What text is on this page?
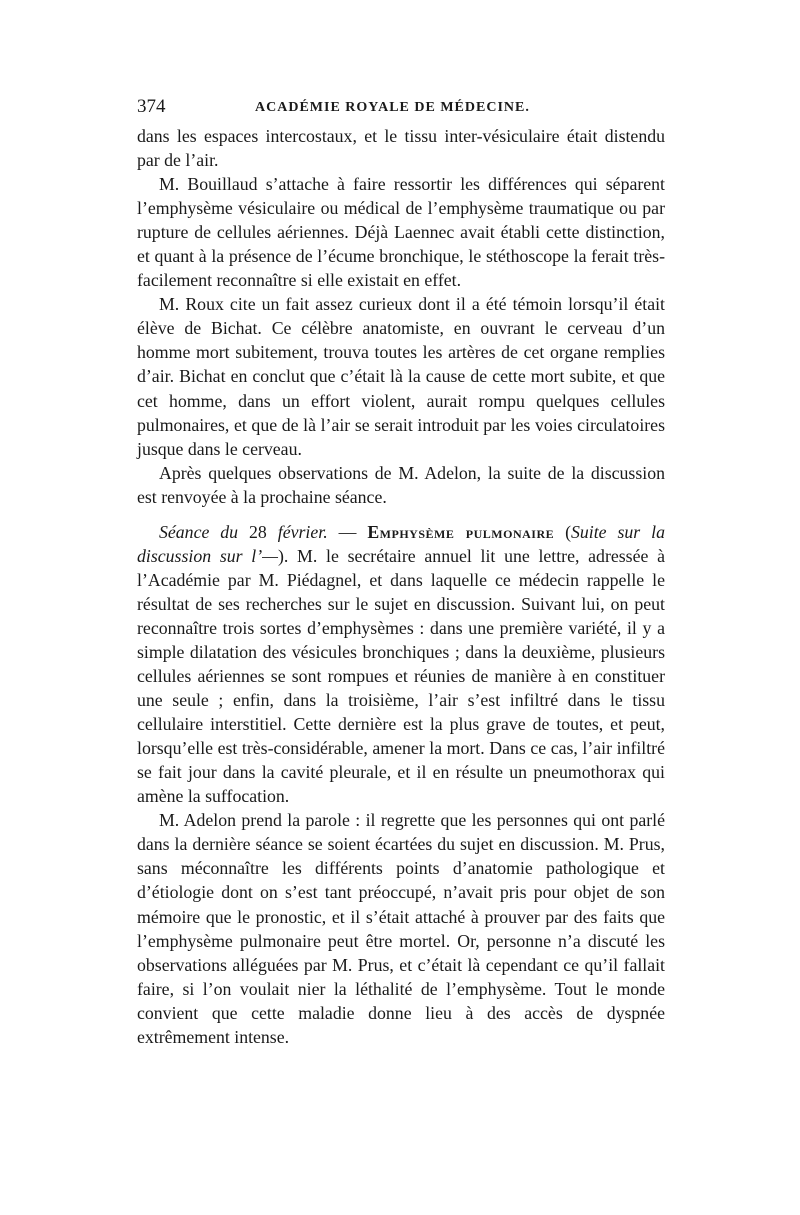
374	ACADÉMIE ROYALE DE MÉDECINE.

dans les espaces intercostaux, et le tissu inter-vésiculaire était distendu par de l’air.

M. Bouillaud s’attache à faire ressortir les différences qui séparent l’emphysème vésiculaire ou médical de l’emphysème traumatique ou par rupture de cellules aériennes. Déjà Laennec avait établi cette distinction, et quant à la présence de l’écume bronchique, le stéthoscope la ferait très-facilement reconnaître si elle existait en effet.

M. Roux cite un fait assez curieux dont il a été témoin lorsqu’il était élève de Bichat. Ce célèbre anatomiste, en ouvrant le cerveau d’un homme mort subitement, trouva toutes les artères de cet organe remplies d’air. Bichat en conclut que c’était là la cause de cette mort subite, et que cet homme, dans un effort violent, aurait rompu quelques cellules pulmonaires, et que de là l’air se serait introduit par les voies circulatoires jusque dans le cerveau.

Après quelques observations de M. Adelon, la suite de la discussion est renvoyée à la prochaine séance.

Séance du 28 février. — Emphysème pulmonaire (Suite sur la discussion sur l’—). M. le secrétaire annuel lit une lettre, adressée à l’Académie par M. Piédagnel, et dans laquelle ce médecin rappelle le résultat de ses recherches sur le sujet en discussion. Suivant lui, on peut reconnaître trois sortes d’emphysèmes : dans une première variété, il y a simple dilatation des vésicules bronchiques ; dans la deuxième, plusieurs cellules aériennes se sont rompues et réunies de manière à en constituer une seule ; enfin, dans la troisième, l’air s’est infiltré dans le tissu cellulaire interstitiel. Cette dernière est la plus grave de toutes, et peut, lorsqu’elle est très-considérable, amener la mort. Dans ce cas, l’air infiltré se fait jour dans la cavité pleurale, et il en résulte un pneumothorax qui amène la suffocation.

M. Adelon prend la parole : il regrette que les personnes qui ont parlé dans la dernière séance se soient écartées du sujet en discussion. M. Prus, sans méconnaître les différents points d’anatomie pathologique et d’étiologie dont on s’est tant préoccupé, n’avait pris pour objet de son mémoire que le pronostic, et il s’était attaché à prouver par des faits que l’emphysème pulmonaire peut être mortel. Or, personne n’a discuté les observations alléguées par M. Prus, et c’était là cependant ce qu’il fallait faire, si l’on voulait nier la léthalité de l’emphysème. Tout le monde convient que cette maladie donne lieu à des accès de dyspnée extrêmement intense.
